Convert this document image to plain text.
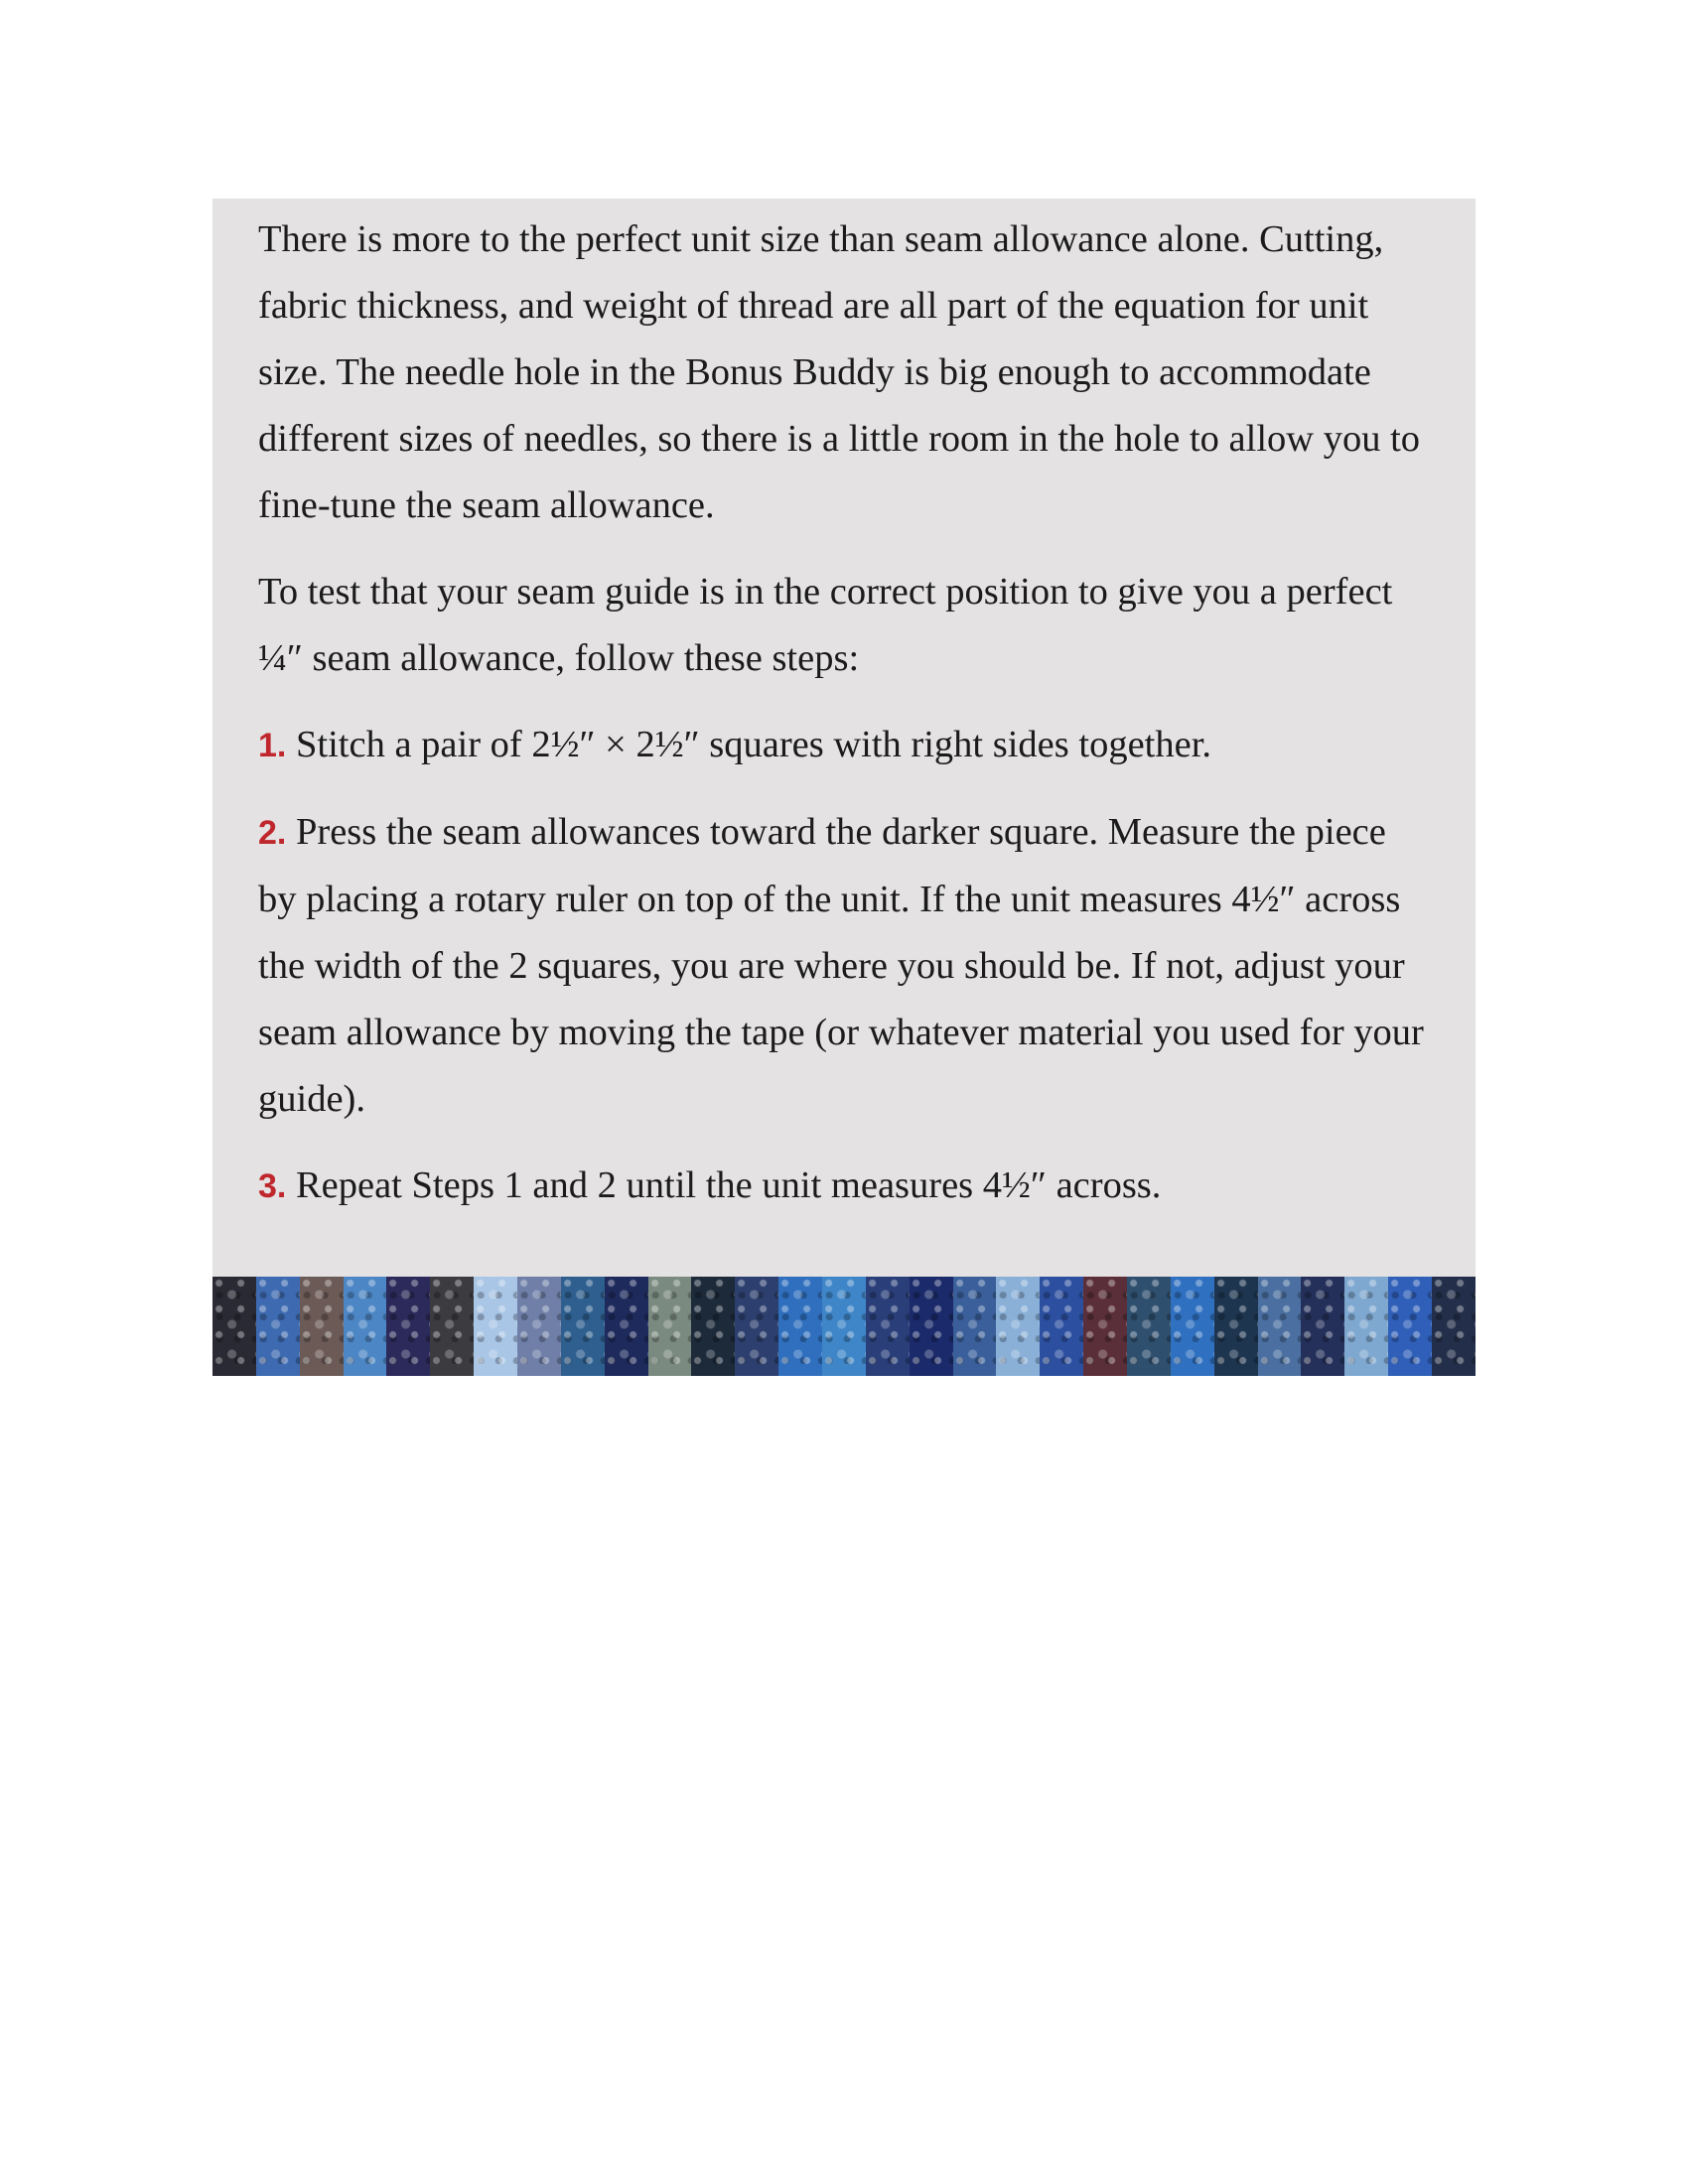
There is more to the perfect unit size than seam allowance alone. Cutting, fabric thickness, and weight of thread are all part of the equation for unit size. The needle hole in the Bonus Buddy is big enough to accommodate different sizes of needles, so there is a little room in the hole to allow you to fine-tune the seam allowance.

To test that your seam guide is in the correct position to give you a perfect ¼″ seam allowance, follow these steps:

1. Stitch a pair of 2½″ × 2½″ squares with right sides together.

2. Press the seam allowances toward the darker square. Measure the piece by placing a rotary ruler on top of the unit. If the unit measures 4½″ across the width of the 2 squares, you are where you should be. If not, adjust your seam allowance by moving the tape (or whatever material you used for your guide).

3. Repeat Steps 1 and 2 until the unit measures 4½″ across.
